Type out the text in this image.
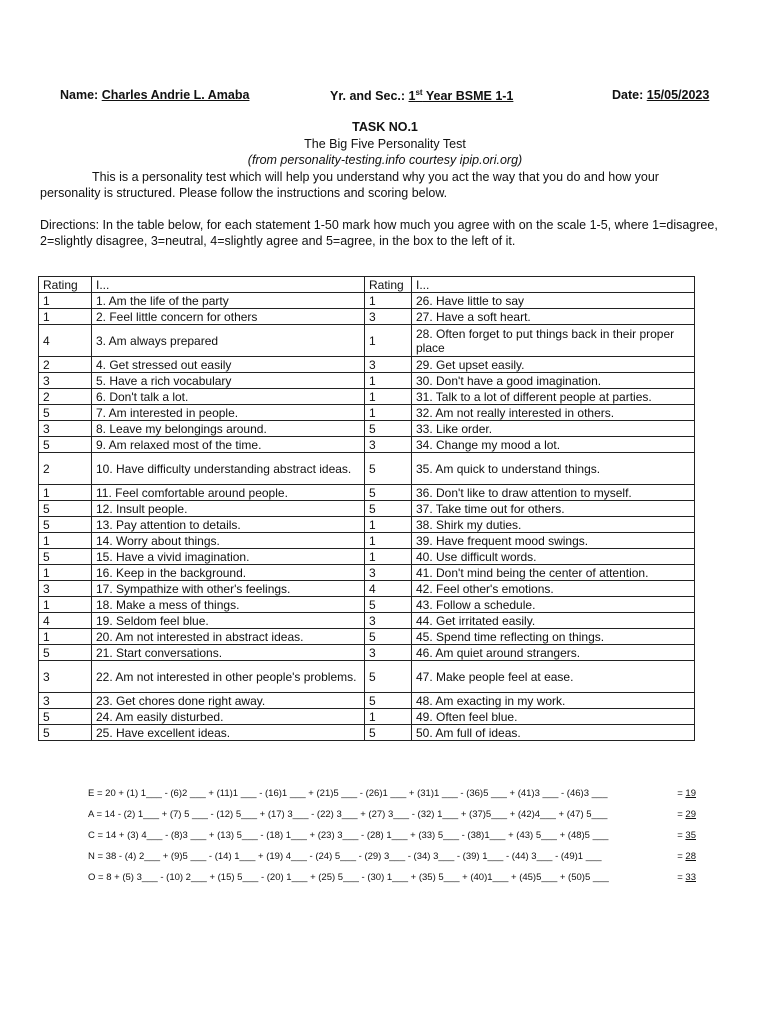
Name: Charles Andrie L. Amaba	Yr. and Sec.: 1st Year BSME 1-1	Date: 15/05/2023
TASK NO.1
The Big Five Personality Test
(from personality-testing.info courtesy ipip.ori.org)
This is a personality test which will help you understand why you act the way that you do and how your personality is structured. Please follow the instructions and scoring below.
Directions: In the table below, for each statement 1-50 mark how much you agree with on the scale 1-5, where 1=disagree, 2=slightly disagree, 3=neutral, 4=slightly agree and 5=agree, in the box to the left of it.
Rating	I...	Rating	I...
1	1. Am the life of the party	1	26. Have little to say
1	2. Feel little concern for others	3	27. Have a soft heart.
4	3. Am always prepared	1	28. Often forget to put things back in their proper place
2	4. Get stressed out easily	3	29. Get upset easily.
3	5. Have a rich vocabulary	1	30. Don't have a good imagination.
2	6. Don't talk a lot.	1	31. Talk to a lot of different people at parties.
5	7. Am interested in people.	1	32. Am not really interested in others.
3	8. Leave my belongings around.	5	33. Like order.
5	9. Am relaxed most of the time.	3	34. Change my mood a lot.
2	10. Have difficulty understanding abstract ideas.	5	35. Am quick to understand things.
1	11. Feel comfortable around people.	5	36. Don't like to draw attention to myself.
5	12. Insult people.	5	37. Take time out for others.
5	13. Pay attention to details.	1	38. Shirk my duties.
1	14. Worry about things.	1	39. Have frequent mood swings.
5	15. Have a vivid imagination.	1	40. Use difficult words.
1	16. Keep in the background.	3	41. Don't mind being the center of attention.
3	17. Sympathize with other's feelings.	4	42. Feel other's emotions.
1	18. Make a mess of things.	5	43. Follow a schedule.
4	19. Seldom feel blue.	3	44. Get irritated easily.
1	20. Am not interested in abstract ideas.	5	45. Spend time reflecting on things.
5	21. Start conversations.	3	46. Am quiet around strangers.
3	22. Am not interested in other people's problems.	5	47. Make people feel at ease.
3	23. Get chores done right away.	5	48. Am exacting in my work.
5	24. Am easily disturbed.	1	49. Often feel blue.
5	25. Have excellent ideas.	5	50. Am full of ideas.
E = 20 + (1) 1___ - (6)2 ___ + (11)1 ___ - (16)1 ___ + (21)5 ___ - (26)1 ___ + (31)1 ___ - (36)5 ___ + (41)3 ___ - (46)3 ___	= 19
A = 14 - (2) 1___ + (7) 5 ___ - (12) 5___ + (17) 3___ - (22) 3___ + (27) 3___ - (32) 1___ + (37)5___ + (42)4___ + (47) 5___	= 29
C = 14 + (3) 4___ - (8)3 ___ + (13) 5___ - (18) 1___ + (23) 3___ - (28) 1___ + (33) 5___ - (38)1___ + (43) 5___ + (48)5 ___	= 35
N = 38 - (4) 2___ + (9)5 ___ - (14) 1___ + (19) 4___ - (24) 5___ - (29) 3___ - (34) 3___ - (39) 1___ - (44) 3___ - (49)1 ___	= 28
O = 8 + (5) 3___ - (10) 2___ + (15) 5___ - (20) 1___ + (25) 5___ - (30) 1___ + (35) 5___ + (40)1___ + (45)5___ + (50)5 ___	= 33
